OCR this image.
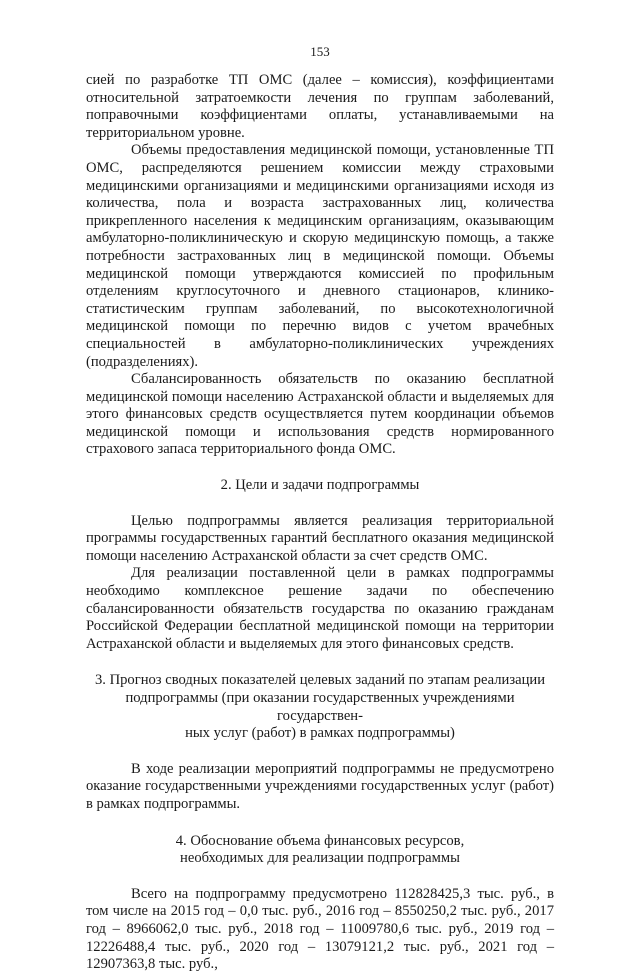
153

сией по разработке ТП ОМС (далее – комиссия), коэффициентами относительной затратоемкости лечения по группам заболеваний, поправочными коэффициентами оплаты, устанавливаемыми на территориальном уровне.

Объемы предоставления медицинской помощи, установленные ТП ОМС, распределяются решением комиссии между страховыми медицинскими организациями и медицинскими организациями исходя из количества, пола и возраста застрахованных лиц, количества прикрепленного населения к медицинским организациям, оказывающим амбулаторно-поликлиническую и скорую медицинскую помощь, а также потребности застрахованных лиц в медицинской помощи. Объемы медицинской помощи утверждаются комиссией по профильным отделениям круглосуточного и дневного стационаров, клинико-статистическим группам заболеваний, по высокотехнологичной медицинской помощи по перечню видов с учетом врачебных специальностей в амбулаторно-поликлинических учреждениях (подразделениях).

Сбалансированность обязательств по оказанию бесплатной медицинской помощи населению Астраханской области и выделяемых для этого финансовых средств осуществляется путем координации объемов медицинской помощи и использования средств нормированного страхового запаса территориального фонда ОМС.

2. Цели и задачи подпрограммы

Целью подпрограммы является реализация территориальной программы государственных гарантий бесплатного оказания медицинской помощи населению Астраханской области за счет средств ОМС.

Для реализации поставленной цели в рамках подпрограммы необходимо комплексное решение задачи по обеспечению сбалансированности обязательств государства по оказанию гражданам Российской Федерации бесплатной медицинской помощи на территории Астраханской области и выделяемых для этого финансовых средств.

3. Прогноз сводных показателей целевых заданий по этапам реализации
подпрограммы (при оказании государственных учреждениями государствен-
ных услуг (работ) в рамках подпрограммы)

В ходе реализации мероприятий подпрограммы не предусмотрено оказание государственными учреждениями государственных услуг (работ) в рамках подпрограммы.

4. Обоснование объема финансовых ресурсов,
необходимых для реализации подпрограммы

Всего на подпрограмму предусмотрено 112828425,3 тыс. руб., в том числе на 2015 год – 0,0 тыс. руб., 2016 год – 8550250,2 тыс. руб., 2017 год – 8966062,0 тыс. руб., 2018 год – 11009780,6 тыс. руб., 2019 год – 12226488,4 тыс. руб., 2020 год – 13079121,2 тыс. руб., 2021 год – 12907363,8 тыс. руб.,
